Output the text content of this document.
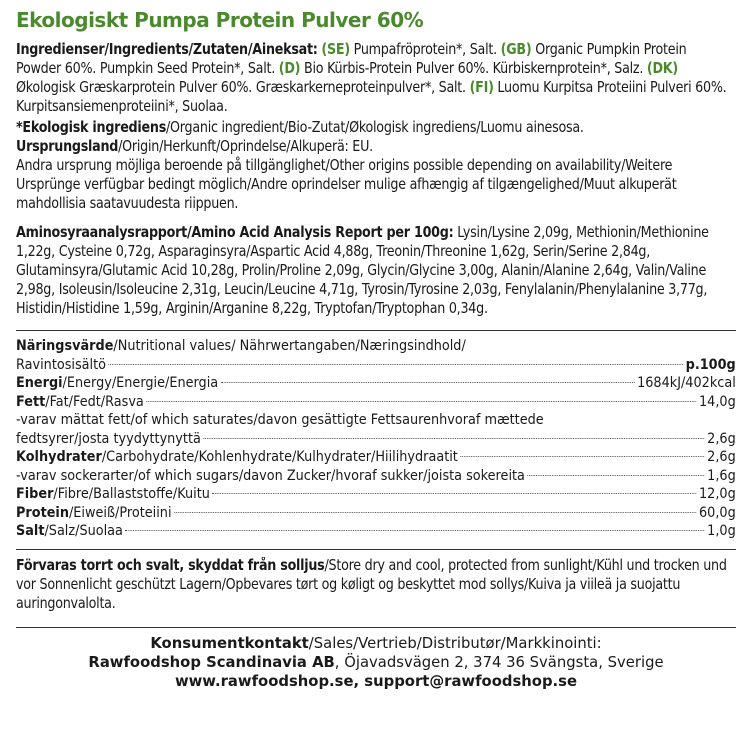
Ekologiskt Pumpa Protein Pulver 60%

Ingredienser/Ingredients/Zutaten/Aineksat: (SE) Pumpafröprotein*, Salt. (GB) Organic Pumpkin Protein Powder 60%. Pumpkin Seed Protein*, Salt. (D) Bio Kürbis-Protein Pulver 60%. Kürbiskernprotein*, Salz. (DK) Økologisk Græskarprotein Pulver 60%. Græskarkerneproteinpulver*, Salt. (FI) Luomu Kurpitsa Proteiini Pulveri 60%. Kurpitsansiemenproteiini*, Suolaa.

*Ekologisk ingrediens/Organic ingredient/Bio-Zutat/Økologisk ingrediens/Luomu ainesosa.

Ursprungsland/Origin/Herkunft/Oprindelse/Alkuperä: EU.
Andra ursprung möjliga beroende på tillgänglighet/Other origins possible depending on availability/Weitere Ursprünge verfügbar bedingt möglich/Andre oprindelser mulige afhængig af tilgængelighed/Muut alkuperät mahdollisia saatavuudesta riippuen.

Aminosyraanalysrapport/Amino Acid Analysis Report per 100g: Lysin/Lysine 2,09g, Methionin/Methionine 1,22g, Cysteine 0,72g, Asparaginsyra/Aspartic Acid 4,88g, Treonin/Threonine 1,62g, Serin/Serine 2,84g, Glutaminsyra/Glutamic Acid 10,28g, Prolin/Proline 2,09g, Glycin/Glycine 3,00g, Alanin/Alanine 2,64g, Valin/Valine 2,98g, Isoleusin/Isoleucine 2,31g, Leucin/Leucine 4,71g, Tyrosin/Tyrosine 2,03g, Fenylalanin/Phenylalanine 3,77g, Histidin/Histidine 1,59g, Arginin/Arganine 8,22g, Tryptofan/Tryptophan 0,34g.

Näringsvärde/Nutritional values/ Nährwertangaben/Næringsindhold/
Ravintosisältö	p.100g
Energi/Energy/Energie/Energia	1684kJ/402kcal
Fett/Fat/Fedt/Rasva	14,0g
-varav mättat fett/of which saturates/davon gesättigte Fettsaurenhvoraf mættede
fedtsyrer/josta tyydyttynyttä	2,6g
Kolhydrater/Carbohydrate/Kohlenhydrate/Kulhydrater/Hiilihydraatit	2,6g
-varav sockerarter/of which sugars/davon Zucker/hvoraf sukker/joista sokereita	1,6g
Fiber/Fibre/Ballaststoffe/Kuitu	12,0g
Protein/Eiweiß/Proteiini	60,0g
Salt/Salz/Suolaa	1,0g

Förvaras torrt och svalt, skyddat från solljus/Store dry and cool, protected from sunlight/Kühl und trocken und vor Sonnenlicht geschützt Lagern/Opbevares tørt og køligt og beskyttet mod sollys/Kuiva ja viileä ja suojattu auringonvalolta.

Konsumentkontakt/Sales/Vertrieb/Distributør/Markkinointi:
Rawfoodshop Scandinavia AB, Öjavadsvägen 2, 374 36 Svängsta, Sverige
www.rawfoodshop.se, support@rawfoodshop.se
